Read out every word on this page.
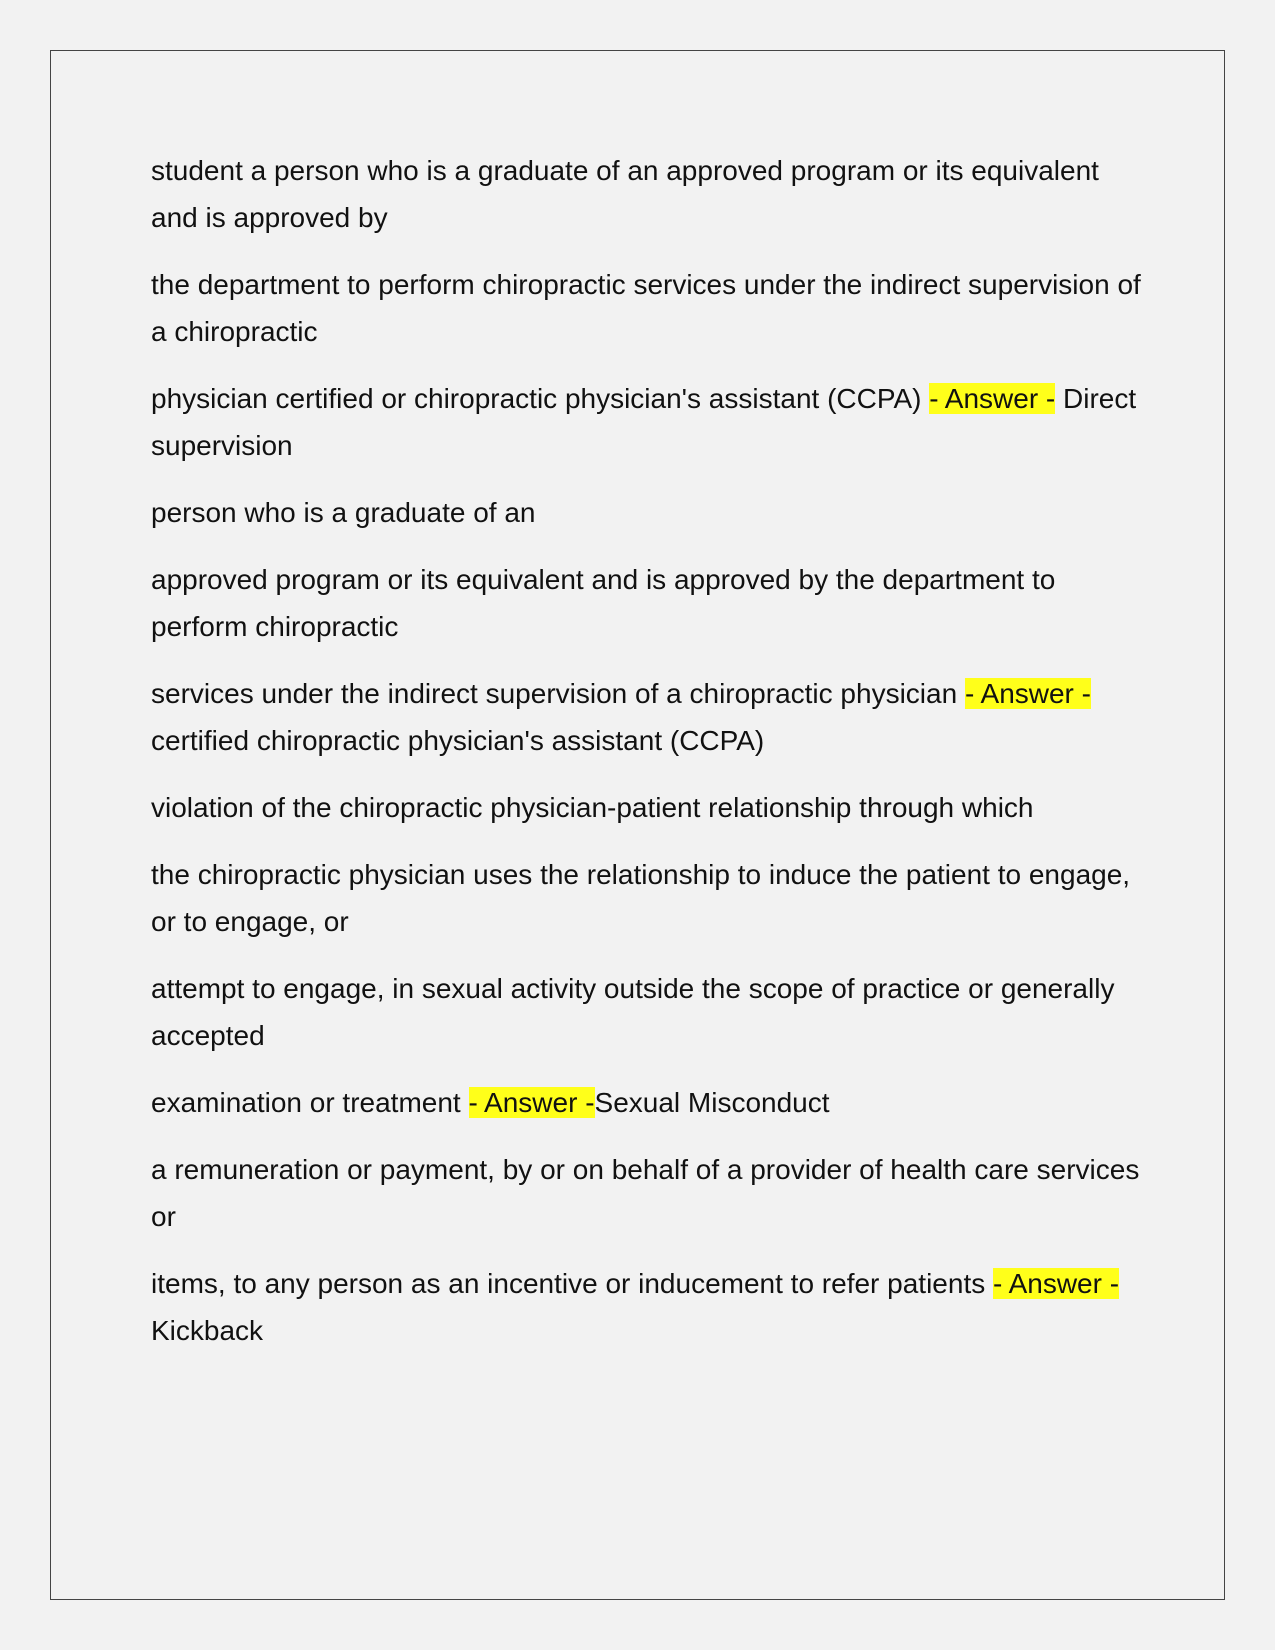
student a person who is a graduate of an approved program or its equivalent and is approved by

the department to perform chiropractic services under the indirect supervision of a chiropractic

physician certified or chiropractic physician's assistant (CCPA) - Answer - Direct supervision

person who is a graduate of an

approved program or its equivalent and is approved by the department to perform chiropractic

services under the indirect supervision of a chiropractic physician - Answer -certified chiropractic physician's assistant (CCPA)

violation of the chiropractic physician-patient relationship through which

the chiropractic physician uses the relationship to induce the patient to engage, or to engage, or

attempt to engage, in sexual activity outside the scope of practice or generally accepted

examination or treatment - Answer -Sexual Misconduct

a remuneration or payment, by or on behalf of a provider of health care services or

items, to any person as an incentive or inducement to refer patients - Answer -Kickback
